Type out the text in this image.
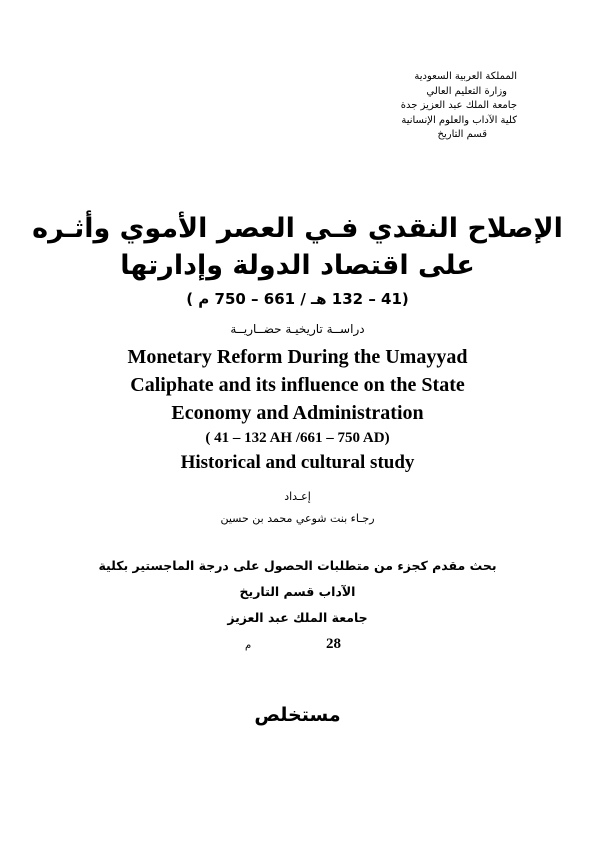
المملكة العربية السعودية
وزارة التعليم العالي
جامعة الملك عبد العزيز جدة
كلية الآداب والعلوم الإنسانية
قسم التاريخ
الإصلاح النقدي فـي العصر الأموي وأثـره
على اقتصاد الدولة وإدارتها
(41 – 132 هـ / 661 – 750 م )
دراســة تاريخيـة حضــاريــة
Monetary Reform During the Umayyad
Caliphate and its influence on the State
Economy and Administration
( 41 – 132 AH /661 – 750 AD)
Historical and cultural study
إعـداد
رجـاء بنت شوعي محمد بن حسين
بحث مقدم كجزء من متطلبات الحصول على درجة الماجستير بكلية
الآداب قسم التاريخ
جامعة الملك عبد العزيز
28
م
مستخلص
